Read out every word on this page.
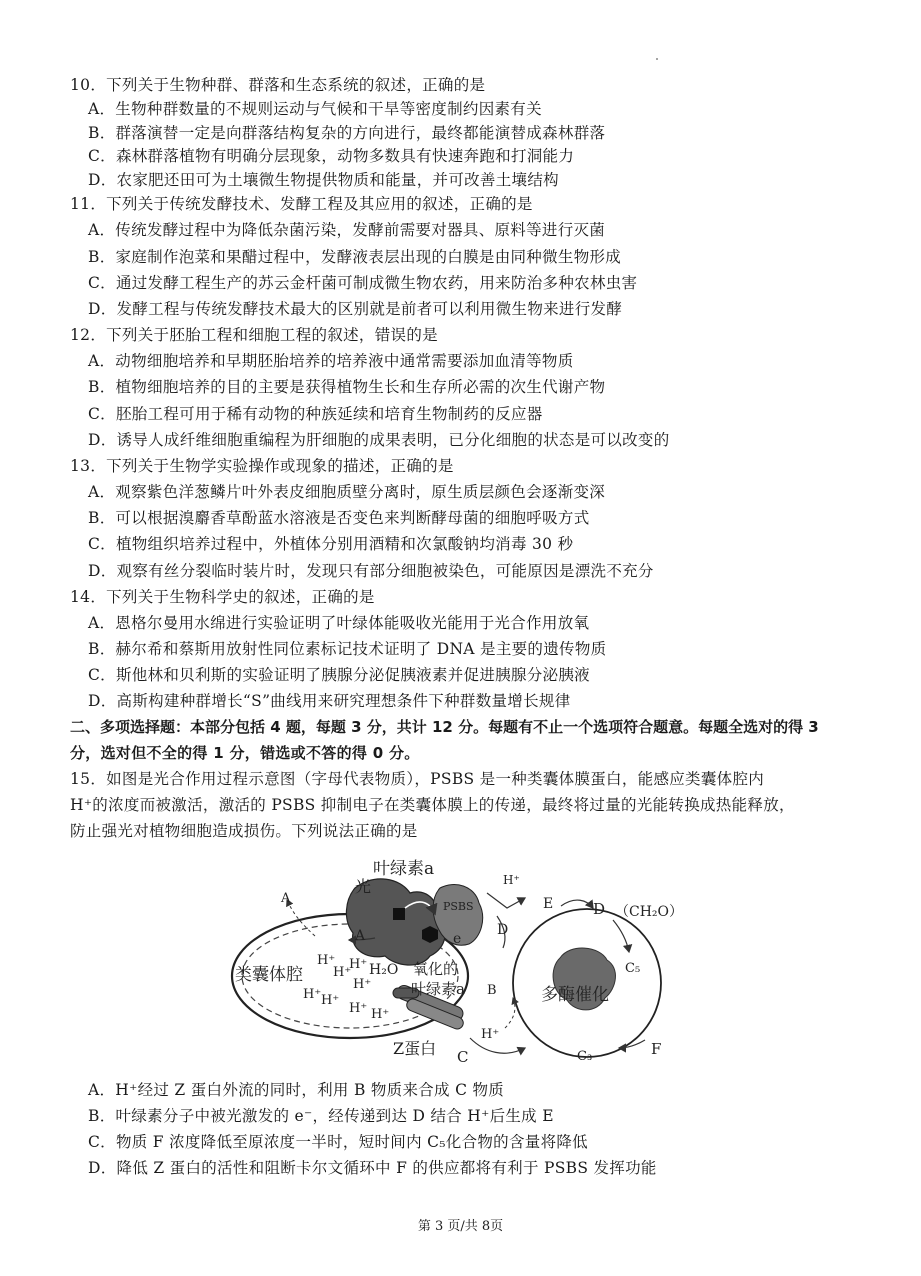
10．下列关于生物种群、群落和生态系统的叙述，正确的是
A．生物种群数量的不规则运动与气候和干旱等密度制约因素有关
B．群落演替一定是向群落结构复杂的方向进行，最终都能演替成森林群落
C．森林群落植物有明确分层现象，动物多数具有快速奔跑和打洞能力
D．农家肥还田可为土壤微生物提供物质和能量，并可改善土壤结构
11．下列关于传统发酵技术、发酵工程及其应用的叙述，正确的是
A．传统发酵过程中为降低杂菌污染，发酵前需要对器具、原料等进行灭菌
B．家庭制作泡菜和果醋过程中，发酵液表层出现的白膜是由同种微生物形成
C．通过发酵工程生产的苏云金杆菌可制成微生物农药，用来防治多种农林虫害
D．发酵工程与传统发酵技术最大的区别就是前者可以利用微生物来进行发酵
12．下列关于胚胎工程和细胞工程的叙述，错误的是
A．动物细胞培养和早期胚胎培养的培养液中通常需要添加血清等物质
B．植物细胞培养的目的主要是获得植物生长和生存所必需的次生代谢产物
C．胚胎工程可用于稀有动物的种族延续和培育生物制药的反应器
D．诱导人成纤维细胞重编程为肝细胞的成果表明，已分化细胞的状态是可以改变的
13．下列关于生物学实验操作或现象的描述，正确的是
A．观察紫色洋葱鳞片叶外表皮细胞质壁分离时，原生质层颜色会逐渐变深
B．可以根据溴麝香草酚蓝水溶液是否变色来判断酵母菌的细胞呼吸方式
C．植物组织培养过程中，外植体分别用酒精和次氯酸钠均消毒 30 秒
D．观察有丝分裂临时装片时，发现只有部分细胞被染色，可能原因是漂洗不充分
14．下列关于生物科学史的叙述，正确的是
A．恩格尔曼用水绵进行实验证明了叶绿体能吸收光能用于光合作用放氧
B．赫尔希和蔡斯用放射性同位素标记技术证明了 DNA 是主要的遗传物质
C．斯他林和贝利斯的实验证明了胰腺分泌促胰液素并促进胰腺分泌胰液
D．高斯构建种群增长“S”曲线用来研究理想条件下种群数量增长规律
二、多项选择题：本部分包括 4 题，每题 3 分，共计 12 分。每题有不止一个选项符合题意。每题全选对的得 3
分，选对但不全的得 1 分，错选或不答的得 0 分。
15．如图是光合作用过程示意图（字母代表物质），PSBS 是一种类囊体膜蛋白，能感应类囊体腔内
H⁺的浓度而被激活，激活的 PSBS 抑制电子在类囊体膜上的传递，最终将过量的光能转换成热能释放，
防止强光对植物细胞造成损伤。下列说法正确的是
叶绿素a
光
PSBS
H⁺
E	D （CH₂O）
D
e
A
A
类囊体腔
H⁺ H⁺
H⁺
H⁺
H⁺ H⁺
H⁺ H⁺
H₂O 氧化的
叶绿素a B
H⁺
Z蛋白 C
多酶催化
C₅
C₃	F
A．H⁺经过 Z 蛋白外流的同时，利用 B 物质来合成 C 物质
B．叶绿素分子中被光激发的 e⁻，经传递到达 D 结合 H⁺后生成 E
C．物质 F 浓度降低至原浓度一半时，短时间内 C₅化合物的含量将降低
D．降低 Z 蛋白的活性和阻断卡尔文循环中 F 的供应都将有利于 PSBS 发挥功能
第 3 页/共 8页
